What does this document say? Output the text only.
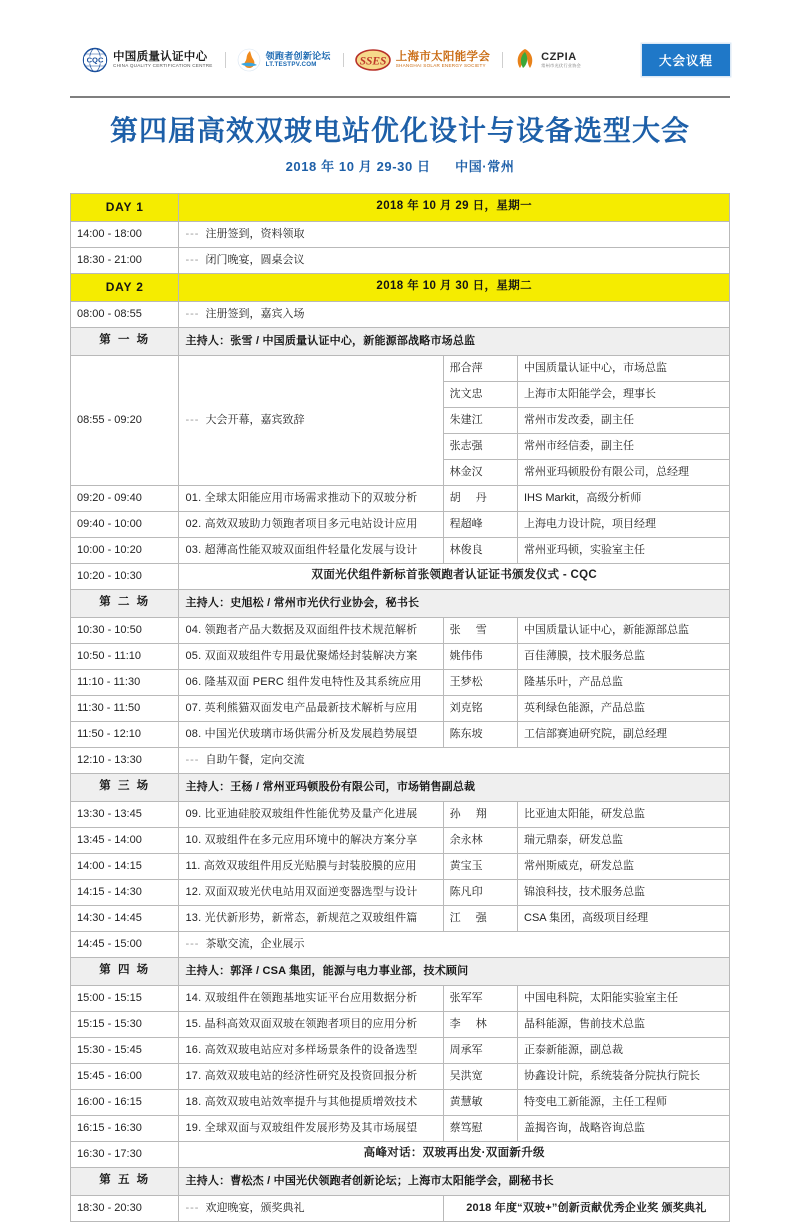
CQC 中国质量认证中心
CHINA QUALITY CERTIFICATION CENTRE
领跑者创新论坛
LT.TESTPV.COM	SSES 上海市太阳能学会
SHANGHAI SOLAR ENERGY SOCIETY
CZPIA
常州市光伏行业协会	大会议程
第四届高效双玻电站优化设计与设备选型大会
2018 年 10 月 29-30 日 中国·常州
DAY 1	2018 年 10 月 29 日，星期一		
14:00 - 18:00	--- 注册签到，资料领取		
18:30 - 21:00	--- 闭门晚宴，圆桌会议		
DAY 2	2018 年 10 月 30 日，星期二		
08:00 - 08:55	--- 注册签到，嘉宾入场		
第 一 场	主持人：张雪 / 中国质量认证中心，新能源部战略市场总监		
08:55 - 09:20	--- 大会开幕，嘉宾致辞	邢合萍	中国质量认证中心，市场总监
		沈文忠	上海市太阳能学会，理事长
		朱建江	常州市发改委，副主任
		张志强	常州市经信委，副主任
		林金汉	常州亚玛顿股份有限公司，总经理
09:20 - 09:40	01. 全球太阳能应用市场需求推动下的双玻分析	胡 丹	IHS Markit，高级分析师
09:40 - 10:00	02. 高效双玻助力领跑者项目多元电站设计应用	程超峰	上海电力设计院，项目经理
10:00 - 10:20	03. 超薄高性能双玻双面组件轻量化发展与设计	林俊良	常州亚玛顿，实验室主任
10:20 - 10:30	双面光伏组件新标首张领跑者认证证书颁发仪式 - CQC		
第 二 场	主持人：史旭松 / 常州市光伏行业协会，秘书长		
10:30 - 10:50	04. 领跑者产品大数据及双面组件技术规范解析	张 雪	中国质量认证中心，新能源部总监
10:50 - 11:10	05. 双面双玻组件专用最优聚烯烃封装解决方案	姚伟伟	百佳薄膜，技术服务总监
11:10 - 11:30	06. 隆基双面 PERC 组件发电特性及其系统应用	王梦松	隆基乐叶，产品总监
11:30 - 11:50	07. 英利熊猫双面发电产品最新技术解析与应用	刘克铭	英利绿色能源，产品总监
11:50 - 12:10	08. 中国光伏玻璃市场供需分析及发展趋势展望	陈东坡	工信部赛迪研究院，副总经理
12:10 - 13:30	--- 自助午餐，定向交流		
第 三 场	主持人：王杨 / 常州亚玛顿股份有限公司，市场销售副总裁		
13:30 - 13:45	09. 比亚迪硅胶双玻组件性能优势及量产化进展	孙 翔	比亚迪太阳能，研发总监
13:45 - 14:00	10. 双玻组件在多元应用环境中的解决方案分享	余永林	瑞元鼎泰，研发总监
14:00 - 14:15	11. 高效双玻组件用反光贴膜与封装胶膜的应用	黄宝玉	常州斯威克，研发总监
14:15 - 14:30	12. 双面双玻光伏电站用双面逆变器选型与设计	陈凡印	锦浪科技，技术服务总监
14:30 - 14:45	13. 光伏新形势，新常态，新规范之双玻组件篇	江 强	CSA 集团，高级项目经理
14:45 - 15:00	--- 茶歇交流，企业展示		
第 四 场	主持人：郭泽 / CSA 集团，能源与电力事业部，技术顾问		
15:00 - 15:15	14. 双玻组件在领跑基地实证平台应用数据分析	张军军	中国电科院，太阳能实验室主任
15:15 - 15:30	15. 晶科高效双面双玻在领跑者项目的应用分析	李 林	晶科能源，售前技术总监
15:30 - 15:45	16. 高效双玻电站应对多样场景条件的设备选型	周承军	正泰新能源，副总裁
15:45 - 16:00	17. 高效双玻电站的经济性研究及投资回报分析	吴洪宽	协鑫设计院，系统装备分院执行院长
16:00 - 16:15	18. 高效双玻电站效率提升与其他提质增效技术	黄慧敏	特变电工新能源，主任工程师
16:15 - 16:30	19. 全球双面与双玻组件发展形势及其市场展望	蔡笃慰	盖揭咨询，战略咨询总监
16:30 - 17:30	高峰对话：双玻再出发·双面新升级		
第 五 场	主持人：曹松杰 / 中国光伏领跑者创新论坛；上海市太阳能学会，副秘书长		
18:30 - 20:30	--- 欢迎晚宴，颁奖典礼	2018 年度“双玻+”创新贡献优秀企业奖 颁奖典礼	
